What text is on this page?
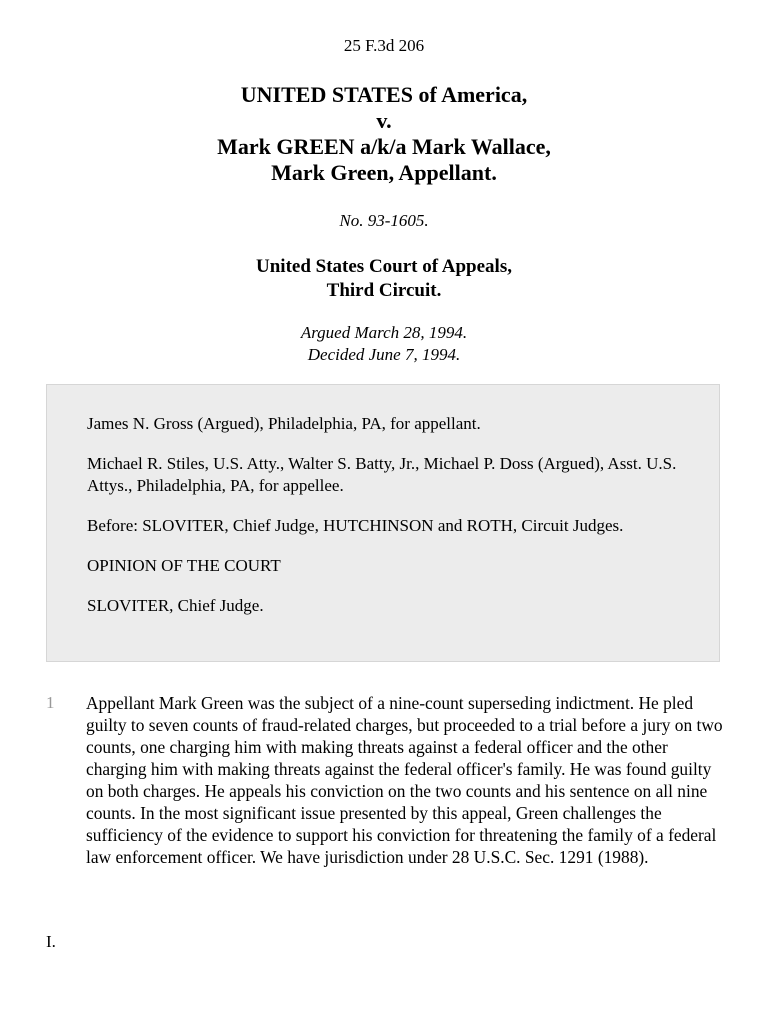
25 F.3d 206
UNITED STATES of America,
v.
Mark GREEN a/k/a Mark Wallace,
Mark Green, Appellant.
No. 93-1605.
United States Court of Appeals,
Third Circuit.
Argued March 28, 1994.
Decided June 7, 1994.

James N. Gross (Argued), Philadelphia, PA, for appellant.

Michael R. Stiles, U.S. Atty., Walter S. Batty, Jr., Michael P. Doss (Argued), Asst. U.S. Attys., Philadelphia, PA, for appellee.

Before: SLOVITER, Chief Judge, HUTCHINSON and ROTH, Circuit Judges.

OPINION OF THE COURT

SLOVITER, Chief Judge.

1 Appellant Mark Green was the subject of a nine-count superseding indictment. He pled guilty to seven counts of fraud-related charges, but proceeded to a trial before a jury on two counts, one charging him with making threats against a federal officer and the other charging him with making threats against the federal officer's family. He was found guilty on both charges. He appeals his conviction on the two counts and his sentence on all nine counts. In the most significant issue presented by this appeal, Green challenges the sufficiency of the evidence to support his conviction for threatening the family of a federal law enforcement officer. We have jurisdiction under 28 U.S.C. Sec. 1291 (1988).

I.
